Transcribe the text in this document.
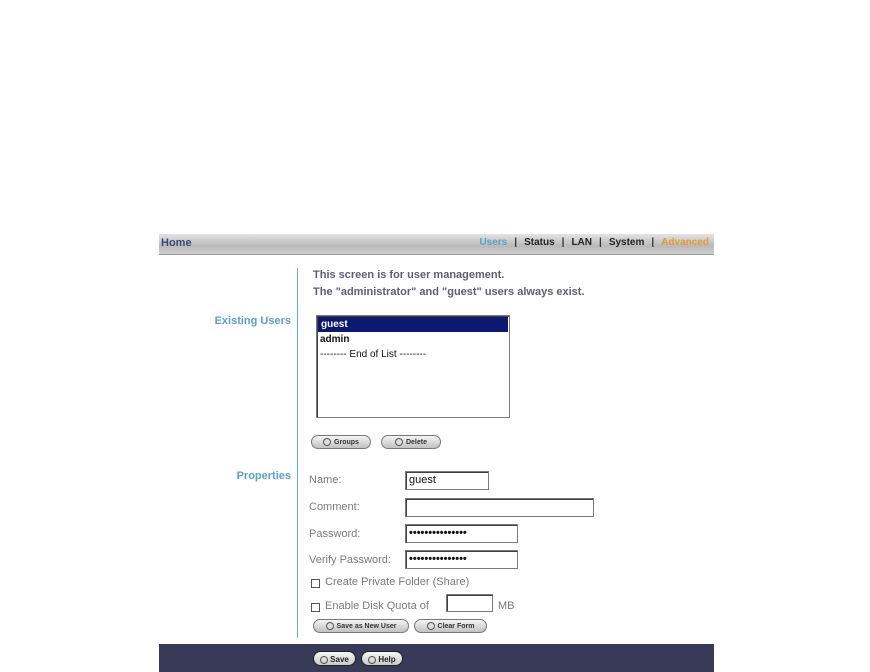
Home	Users | Status | LAN | System | Advanced
This screen is for user management.
The "administrator" and "guest" users always exist.
Existing Users	guest
admin
-------- End of List --------
Groups	Delete
Properties Name:	guest
Comment:
Password:	•••••••••••••••
Verify Password:	•••••••••••••••
Create Private Folder (Share)
Enable Disk Quota of	MB
Save as New User	Clear Form
Save	Help
